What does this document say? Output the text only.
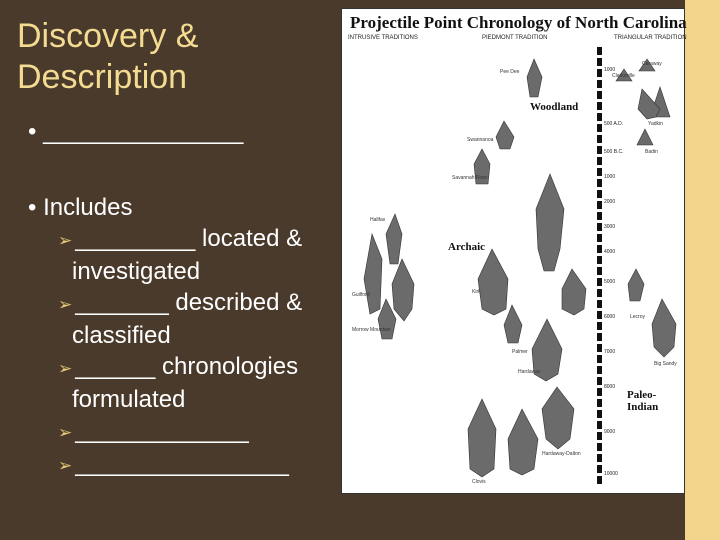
Discovery &
Description
• _______________
• Includes
➢ _________ located &
investigated
➢ _______ described &
classified
➢ ______ chronologies
formulated
➢ _____________
➢ ________________
Projectile Point Chronology of North Carolina
INTRUSIVE TRADITIONS	PIEDMONT TRADITION	TRIANGULAR TRADITION
1000
500 A.D.
500 B.C.
1000
2000
3000
4000
5000
6000
7000
8000
9000
10000
Woodland
Archaic
Paleo-Indian
Pee Dee
Caraway
Clarksville
Badin
Yadkin
Swannanoa
Savannah River
Halifax
Guilford
Morrow Mountain
Kirk
Palmer
Hardaway
Lecroy
Big Sandy
Hardaway-Dalton
Clovis
